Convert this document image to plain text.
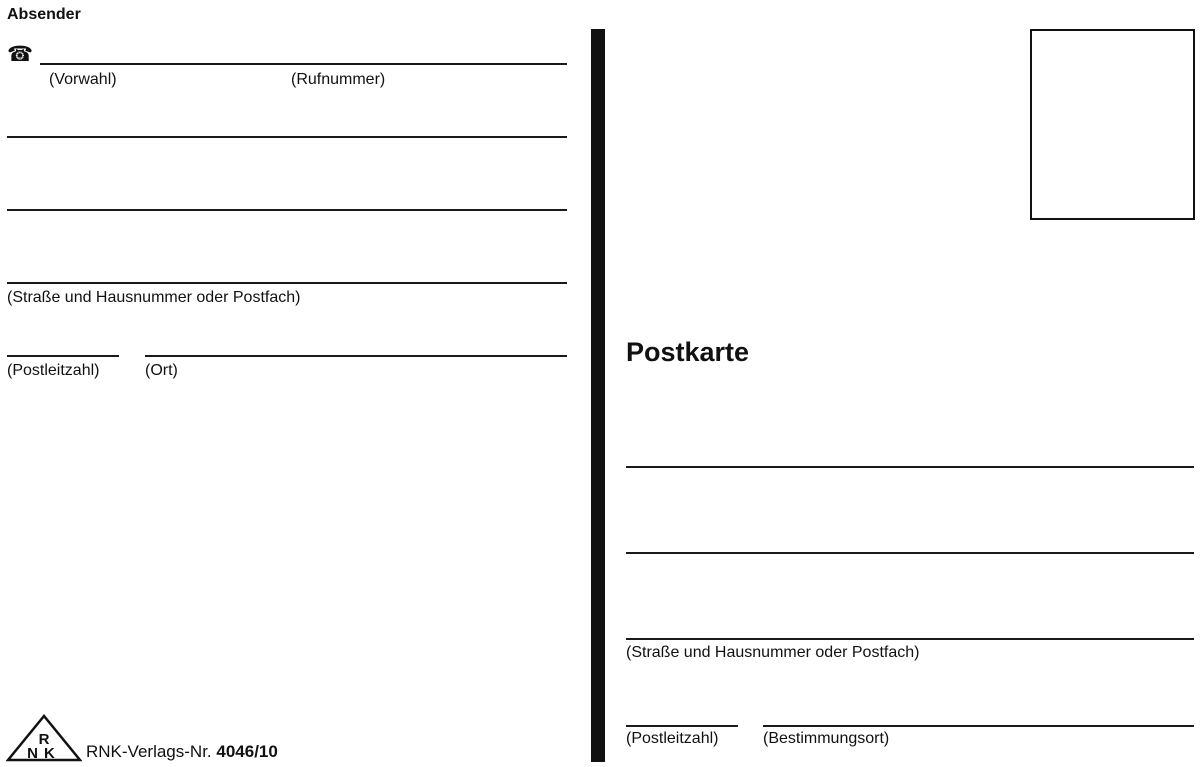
Absender
☎
(Vorwahl)	(Rufnummer)
(Straße und Hausnummer oder Postfach)
(Postleitzahl)	(Ort)
R
NK RNK-Verlags-Nr. 4046/10
Postkarte
(Straße und Hausnummer oder Postfach)
(Postleitzahl)	(Bestimmungsort)
